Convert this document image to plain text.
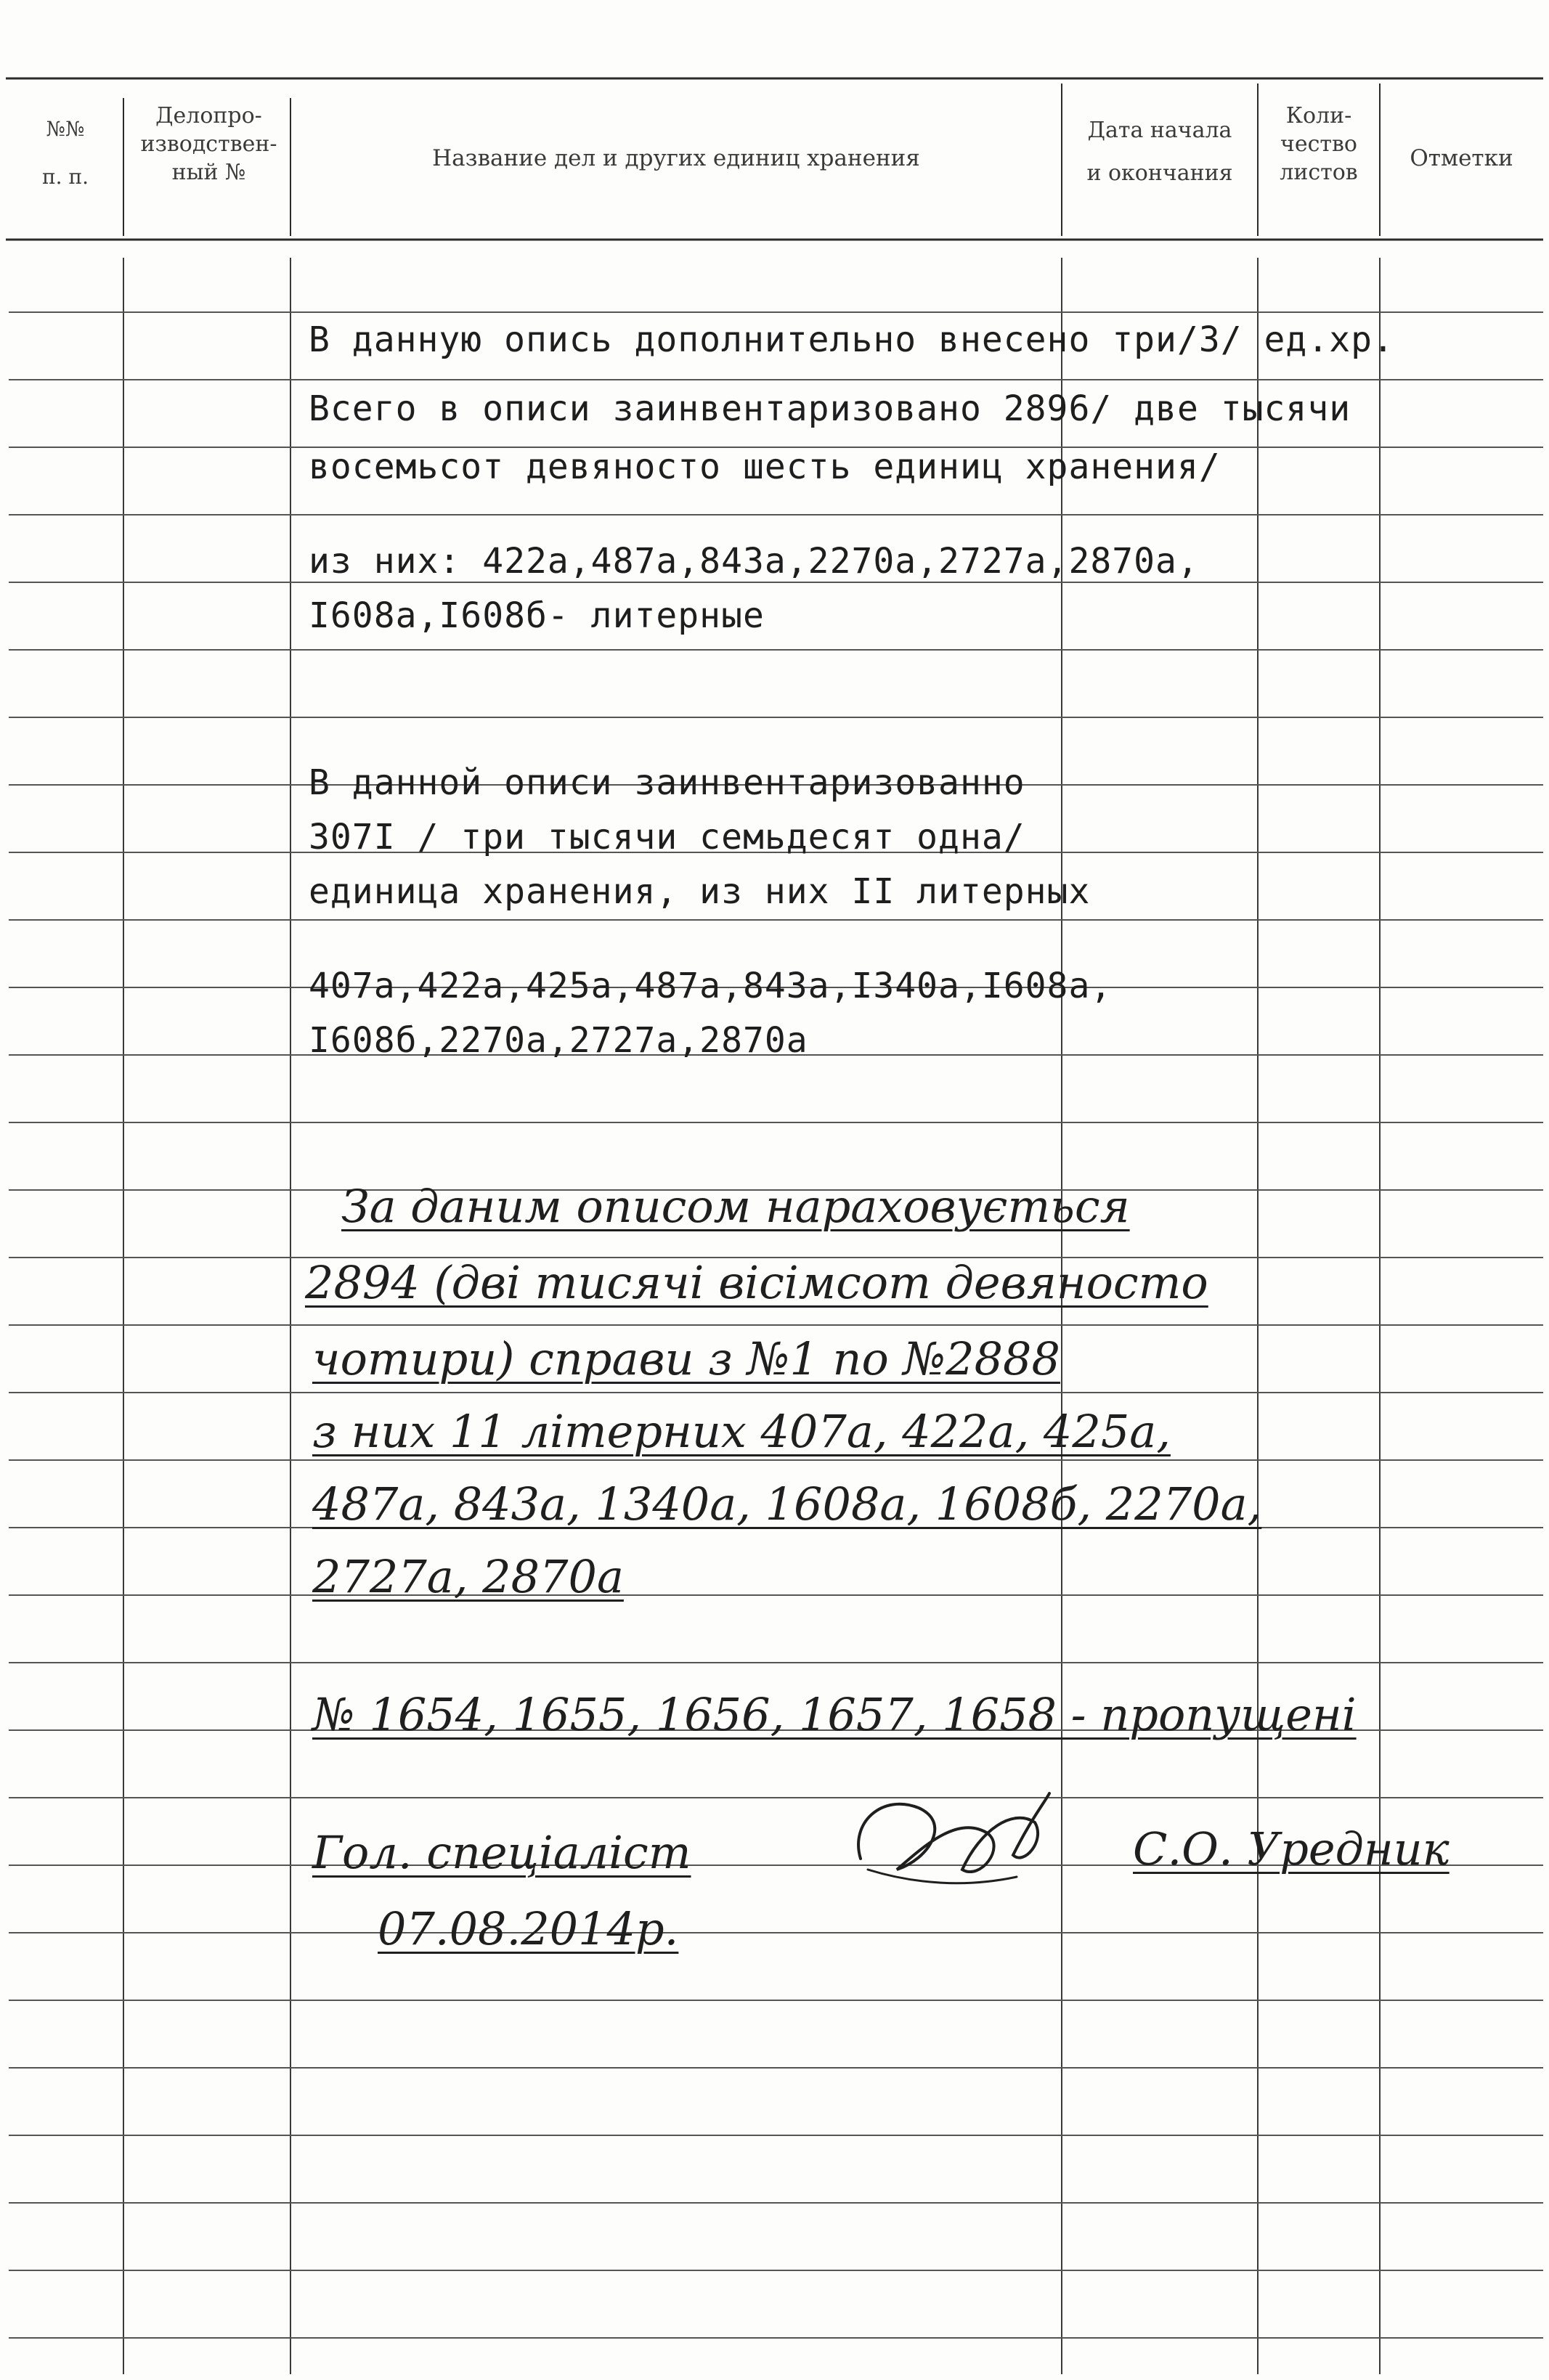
№№
п. п.
Делопро-
изводствен-
ный №
Название дел и других единиц хранения
Дата начала
и окончания
Коли-
чество
листов
Отметки
В данную опись дополнительно внесено три/3/ ед.хр.
Всего в описи заинвентаризовано 2896/ две тысячи
восемьсот девяносто шесть единиц хранения/
из них: 422а,487а,843а,2270а,2727а,2870а,
I608а,I608б- литерные
В данной описи заинвентаризованно
307I / три тысячи семьдесят одна/
единица хранения, из них II литерных
407а,422а,425а,487а,843а,I340а,I608а,
I608б,2270а,2727а,2870а
За даним описом нараховується
2894 (дві тисячі вісімсот девяносто
чотири) справи з №1 по №2888
з них 11 літерних 407а, 422а, 425а,
487а, 843а, 1340а, 1608а, 1608б, 2270а,
2727а, 2870а
№ 1654, 1655, 1656, 1657, 1658 - пропущені
Гол. спеціаліст	С.О. Уредник
07.08.2014р.
